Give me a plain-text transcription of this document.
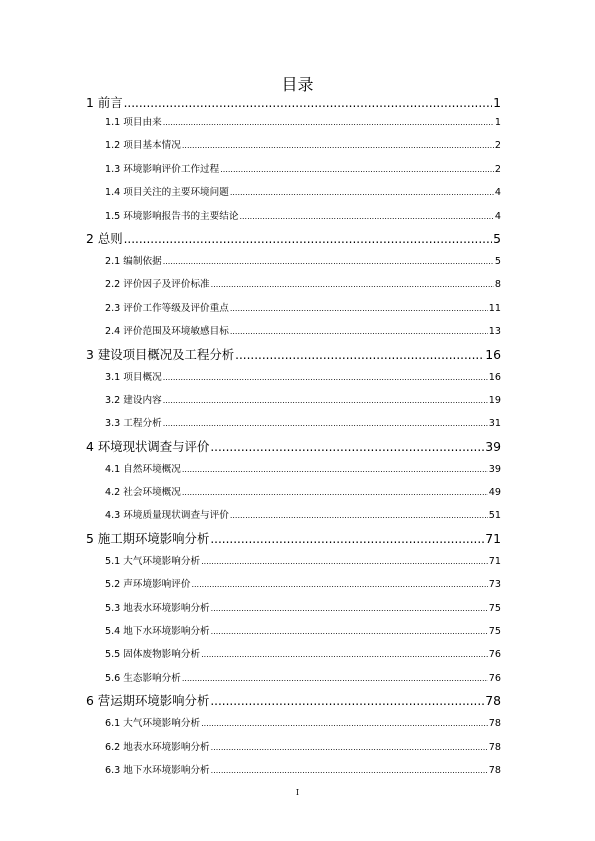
目录
1 前言 .....	1
1.1 项目由来 .....	1
1.2 项目基本情况 .....	2
1.3 环境影响评价工作过程 .....	2
1.4 项目关注的主要环境问题 .....	4
1.5 环境影响报告书的主要结论 .....	4
2 总则 .....	5
2.1 编制依据 .....	5
2.2 评价因子及评价标准 .....	8
2.3 评价工作等级及评价重点 .....	11
2.4 评价范围及环境敏感目标 .....	13
3 建设项目概况及工程分析 .....	16
3.1 项目概况 .....	16
3.2 建设内容 .....	19
3.3 工程分析 .....	31
4 环境现状调查与评价 .....	39
4.1 自然环境概况 .....	39
4.2 社会环境概况 .....	49
4.3 环境质量现状调查与评价 .....	51
5 施工期环境影响分析 .....	71
5.1 大气环境影响分析 .....	71
5.2 声环境影响评价 .....	73
5.3 地表水环境影响分析 .....	75
5.4 地下水环境影响分析 .....	75
5.5 固体废物影响分析 .....	76
5.6 生态影响分析 .....	76
6 营运期环境影响分析 .....	78
6.1 大气环境影响分析 .....	78
6.2 地表水环境影响分析 .....	78
6.3 地下水环境影响分析 .....	78
I
